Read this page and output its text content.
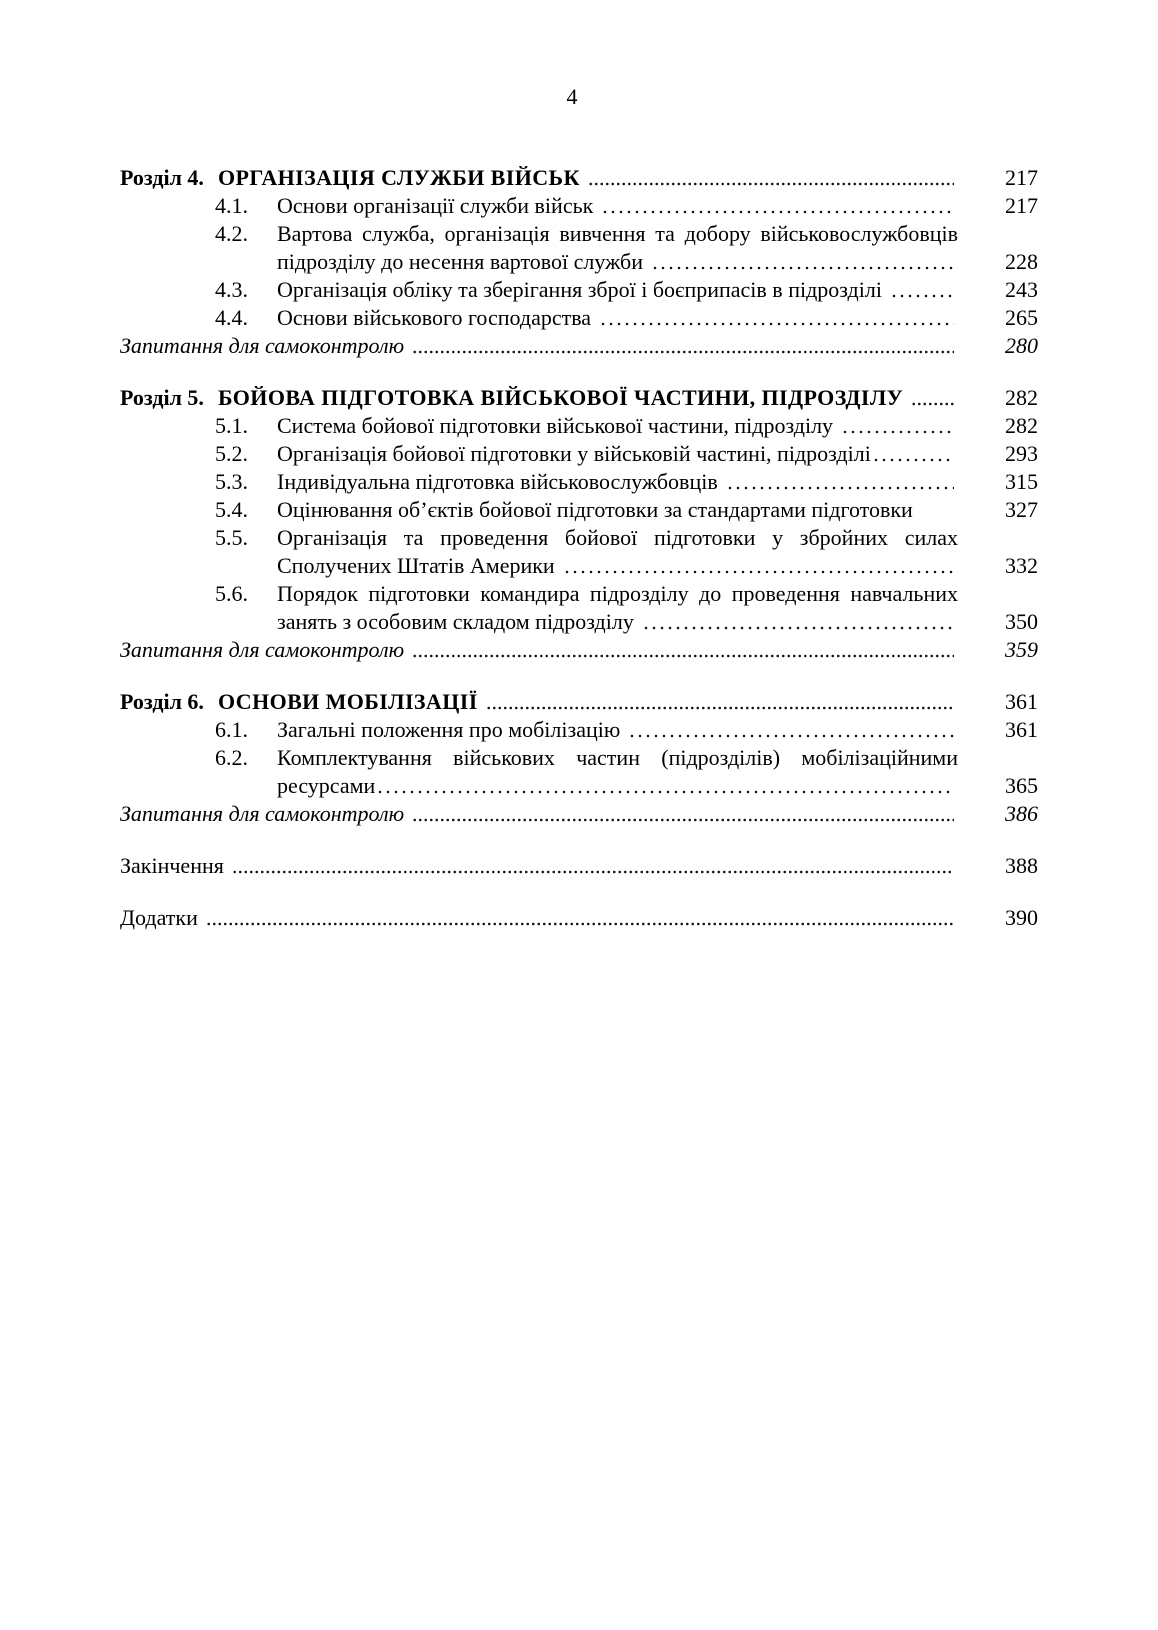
4
Розділ 4. ОРГАНІЗАЦІЯ СЛУЖБИ ВІЙСЬК	217
4.1. Основи організації служби військ	217
4.2.	Вартова служба, організація вивчення та добору військовослужбовців
підрозділу до несення вартової служби	228
4.3. Організація обліку та зберігання зброї і боєприпасів в підрозділі	243
4.4. Основи військового господарства	265
Запитання для самоконтролю	280
Розділ 5. БОЙОВА ПІДГОТОВКА ВІЙСЬКОВОЇ ЧАСТИНИ, ПІДРОЗДІЛУ	282
5.1. Система бойової підготовки військової частини, підрозділу	282
5.2. Організація бойової підготовки у військовій частині, підрозділі	293
5.3. Індивідуальна підготовка військовослужбовців	315
5.4. Оцінювання об’єктів бойової підготовки за стандартами підготовки	327
5.5.	Організація та проведення бойової підготовки у збройних силах
Сполучених Штатів Америки	332
5.6.	Порядок підготовки командира підрозділу до проведення навчальних
занять з особовим складом підрозділу	350
Запитання для самоконтролю	359
Розділ 6. ОСНОВИ МОБІЛІЗАЦІЇ	361
6.1. Загальні положення про мобілізацію	361
6.2.	Комплектування військових частин (підрозділів) мобілізаційними
ресурсами	365
Запитання для самоконтролю	386
Закінчення	388
Додатки	390
